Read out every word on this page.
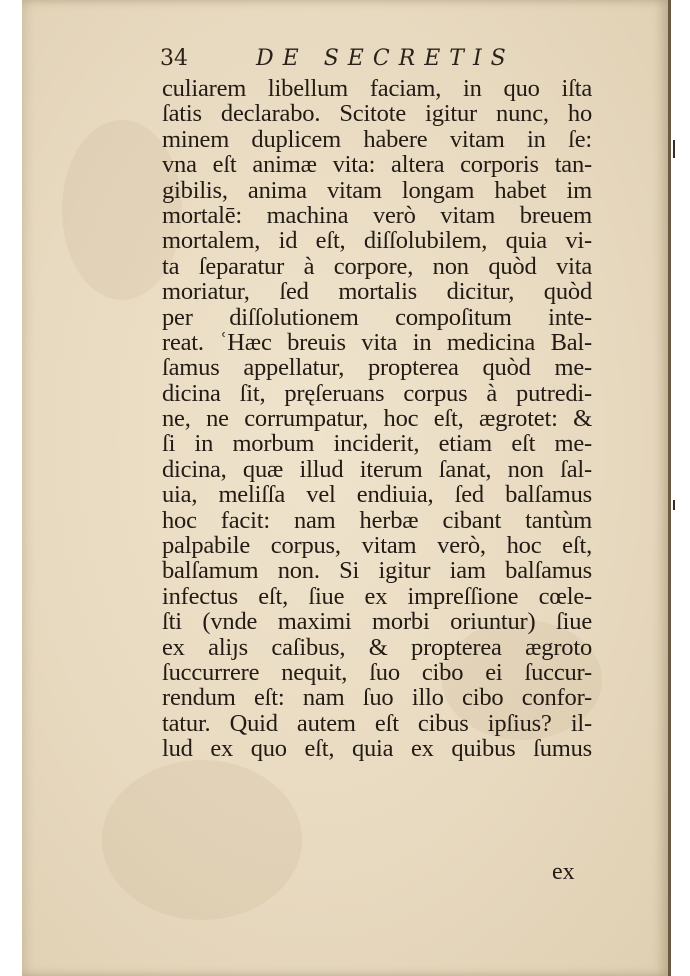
34	DE SECRETIS
culiarem libellum faciam, in quo iſta
ſatis declarabo. Scitote igitur nunc, ho
minem duplicem habere vitam in ſe:
vna eſt animæ vita: altera corporis tan-
gibilis, anima vitam longam habet im
mortalē: machina verò vitam breuem
mortalem, id eſt, diſſolubilem, quia vi-
ta ſeparatur à corpore, non quòd vita
moriatur, ſed mortalis dicitur, quòd
per diſſolutionem compoſitum inte-
reat. ʿHæc breuis vita in medicina Bal-
ſamus appellatur, propterea quòd me-
dicina ſit, pręſeruans corpus à putredi-
ne, ne corrumpatur, hoc eſt, ægrotet: &
ſi in morbum inciderit, etiam eſt me-
dicina, quæ illud iterum ſanat, non ſal-
uia, meliſſa vel endiuia, ſed balſamus
hoc facit: nam herbæ cibant tantùm
palpabile corpus, vitam verò, hoc eſt,
balſamum non. Si igitur iam balſamus
infectus eſt, ſiue ex impreſſione cœle-
ſti (vnde maximi morbi oriuntur) ſiue
ex aliȷs caſibus, & propterea ægroto
ſuccurrere nequit, ſuo cibo ei ſuccur-
rendum eſt: nam ſuo illo cibo confor-
tatur. Quid autem eſt cibus ipſius? il-
lud ex quo eſt, quia ex quibus ſumus
ex
